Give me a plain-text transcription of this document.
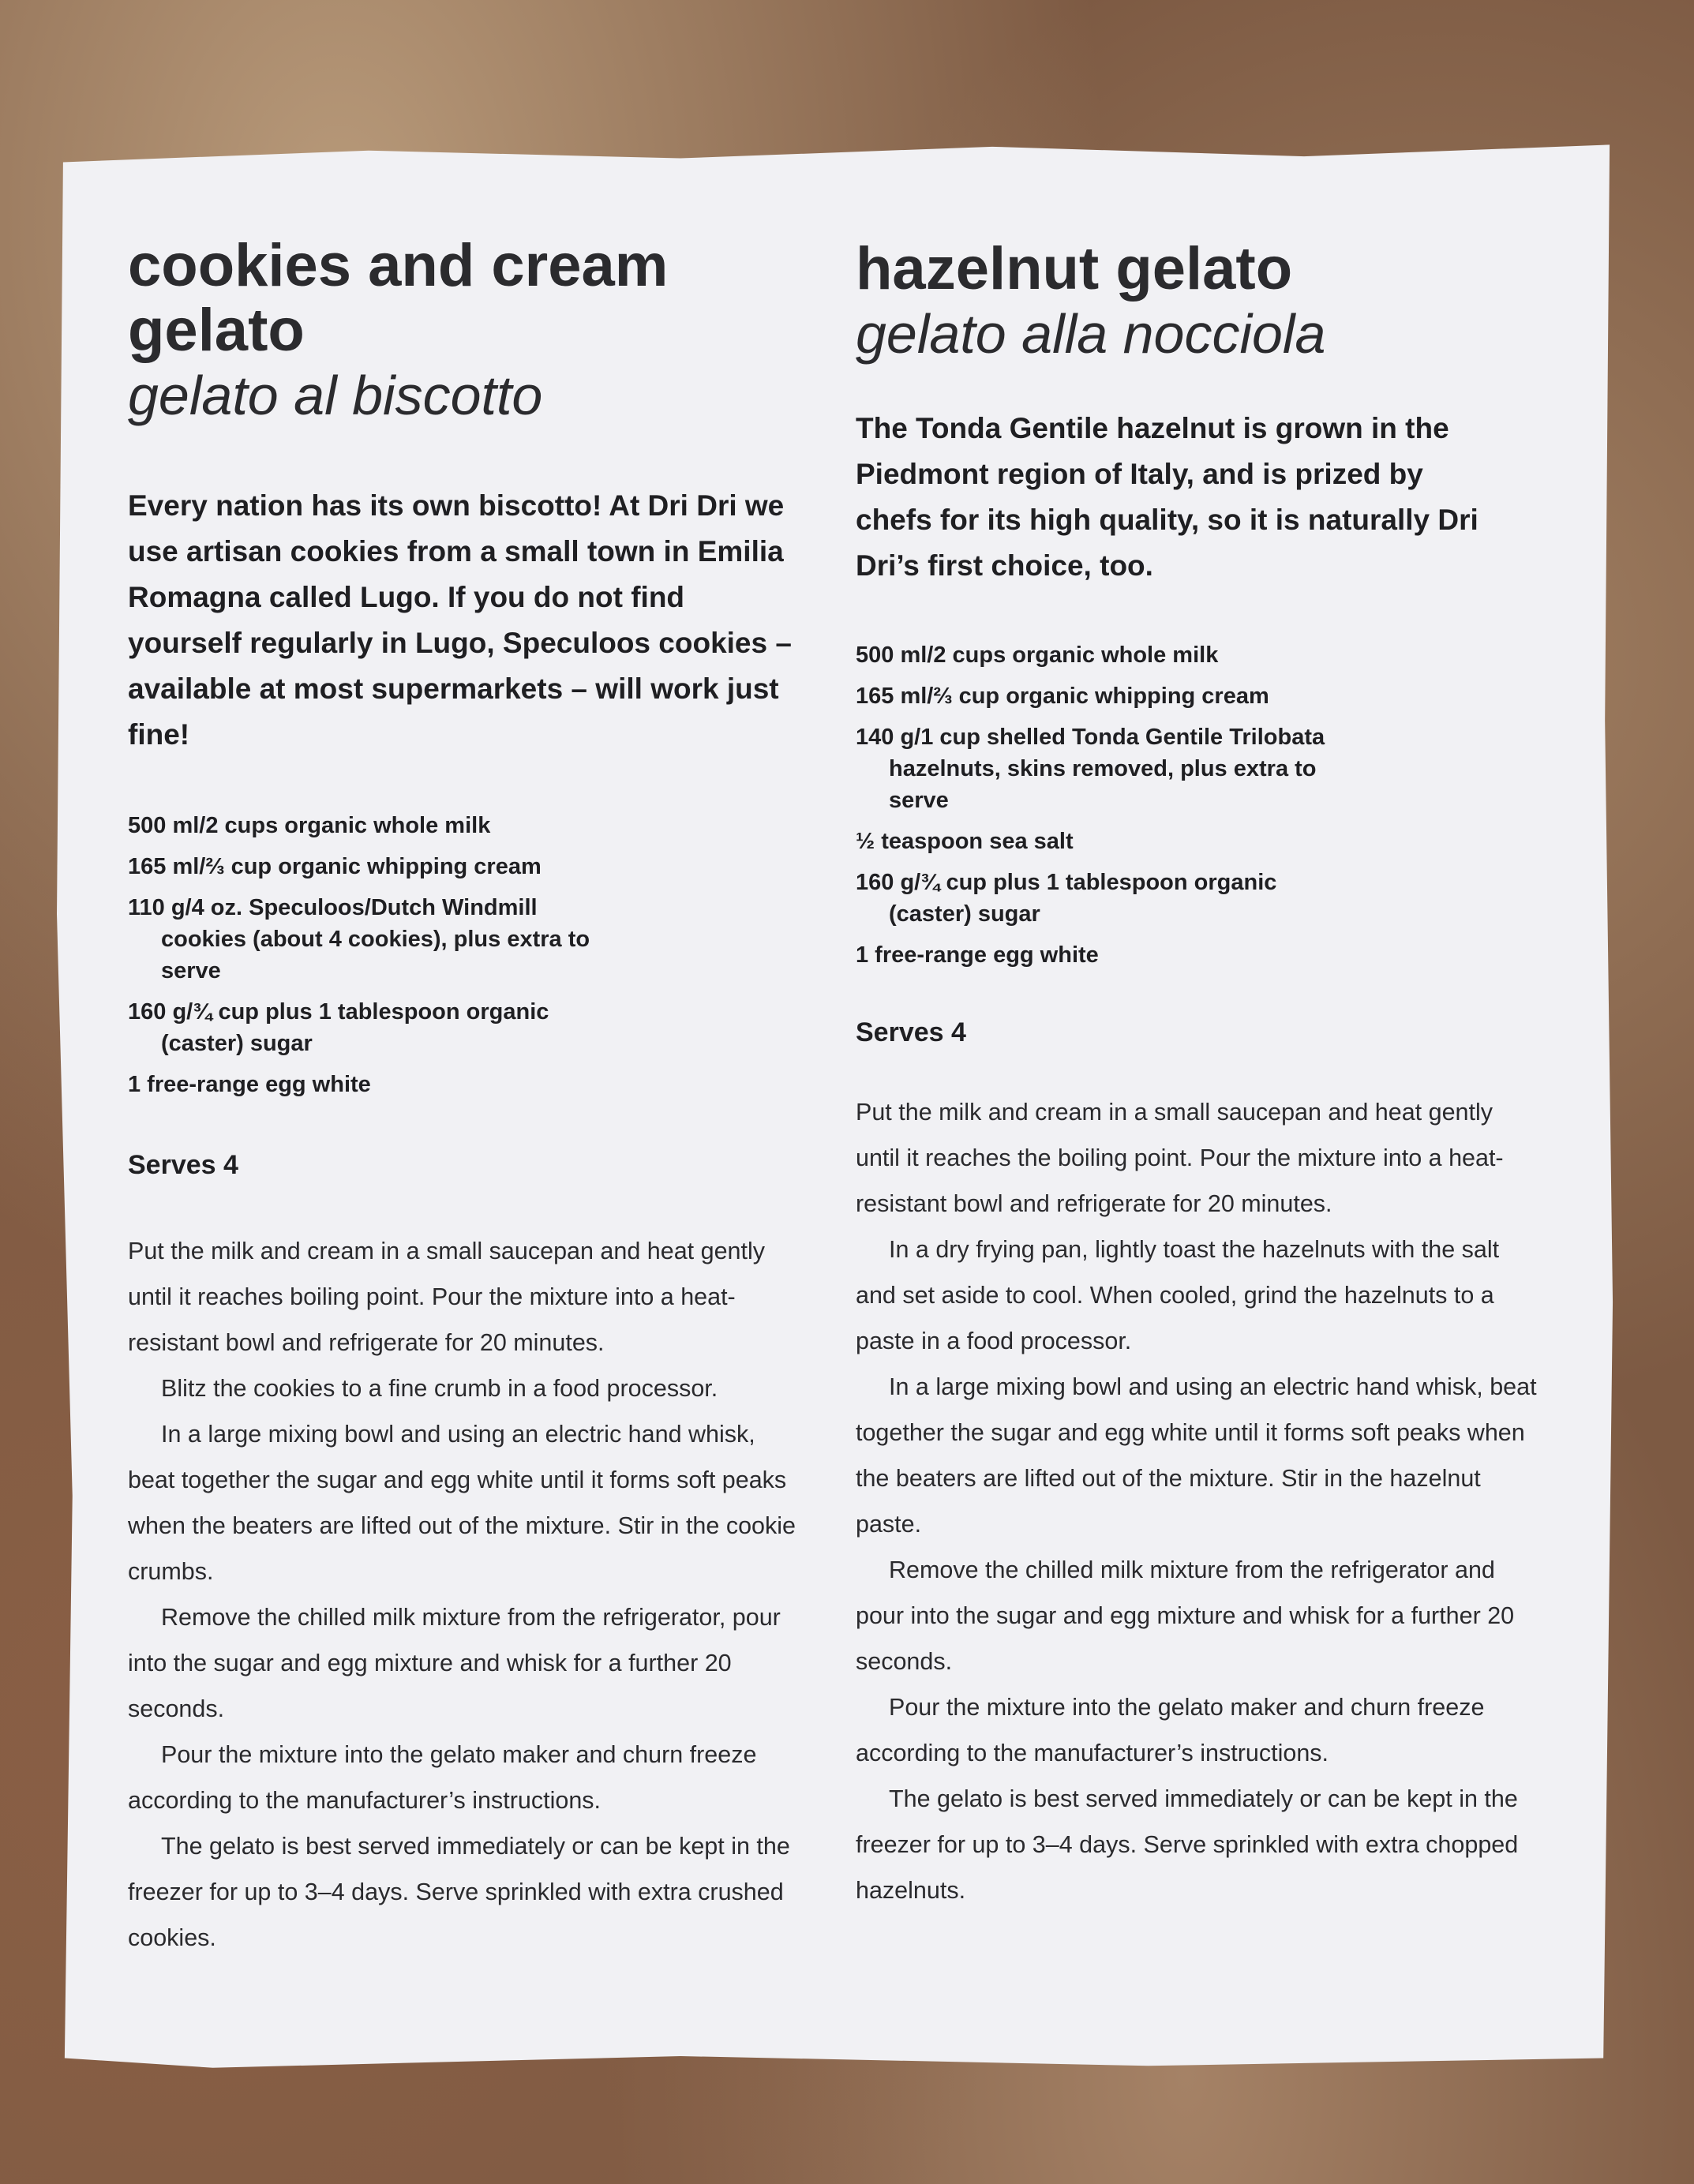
cookies and cream gelato
gelato al biscotto

Every nation has its own biscotto! At Dri Dri we use artisan cookies from a small town in Emilia Romagna called Lugo. If you do not find yourself regularly in Lugo, Speculoos cookies – available at most supermarkets – will work just fine!

500 ml/2 cups organic whole milk
165 ml/⅔ cup organic whipping cream
110 g/4 oz. Speculoos/Dutch Windmill cookies (about 4 cookies), plus extra to serve
160 g/¾ cup plus 1 tablespoon organic (caster) sugar
1 free-range egg white

Serves 4

Put the milk and cream in a small saucepan and heat gently until it reaches boiling point. Pour the mixture into a heat-resistant bowl and refrigerate for 20 minutes.

Blitz the cookies to a fine crumb in a food processor.

In a large mixing bowl and using an electric hand whisk, beat together the sugar and egg white until it forms soft peaks when the beaters are lifted out of the mixture. Stir in the cookie crumbs.

Remove the chilled milk mixture from the refrigerator, pour into the sugar and egg mixture and whisk for a further 20 seconds.

Pour the mixture into the gelato maker and churn freeze according to the manufacturer’s instructions.

The gelato is best served immediately or can be kept in the freezer for up to 3–4 days. Serve sprinkled with extra crushed cookies.

hazelnut gelato
gelato alla nocciola

The Tonda Gentile hazelnut is grown in the Piedmont region of Italy, and is prized by chefs for its high quality, so it is naturally Dri Dri’s first choice, too.

500 ml/2 cups organic whole milk
165 ml/⅔ cup organic whipping cream
140 g/1 cup shelled Tonda Gentile Trilobata hazelnuts, skins removed, plus extra to serve
½ teaspoon sea salt
160 g/¾ cup plus 1 tablespoon organic (caster) sugar
1 free-range egg white

Serves 4

Put the milk and cream in a small saucepan and heat gently until it reaches the boiling point. Pour the mixture into a heat-resistant bowl and refrigerate for 20 minutes.

In a dry frying pan, lightly toast the hazelnuts with the salt and set aside to cool. When cooled, grind the hazelnuts to a paste in a food processor.

In a large mixing bowl and using an electric hand whisk, beat together the sugar and egg white until it forms soft peaks when the beaters are lifted out of the mixture. Stir in the hazelnut paste.

Remove the chilled milk mixture from the refrigerator and pour into the sugar and egg mixture and whisk for a further 20 seconds.

Pour the mixture into the gelato maker and churn freeze according to the manufacturer’s instructions.

The gelato is best served immediately or can be kept in the freezer for up to 3–4 days. Serve sprinkled with extra chopped hazelnuts.
